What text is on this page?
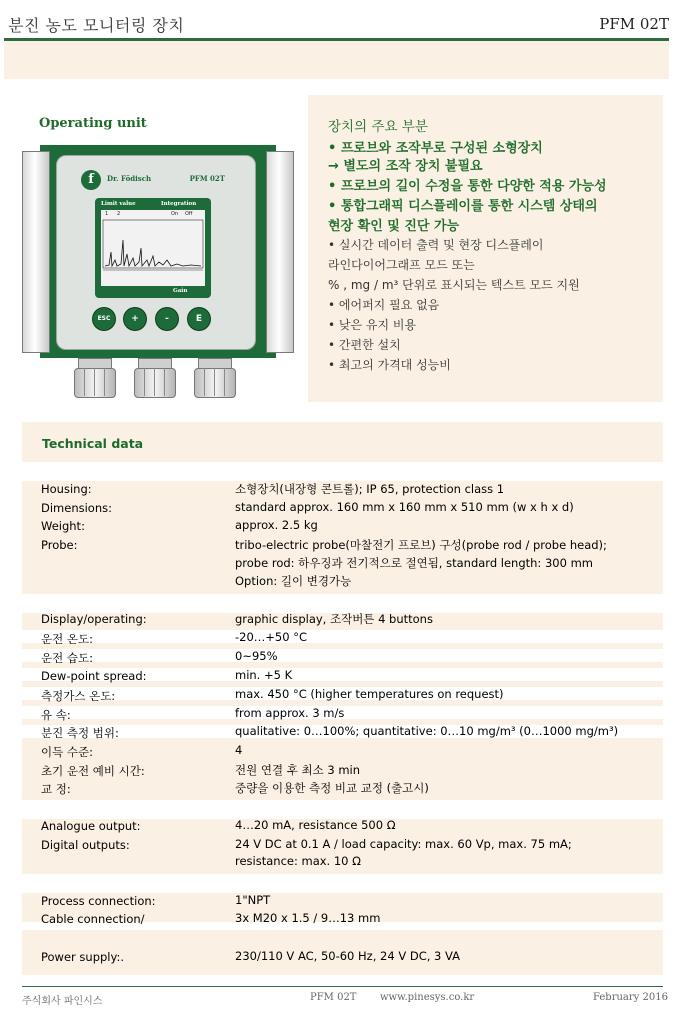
분진 농도 모니터링 장치	PFM 02T
Operating unit
f	Dr. Födisch	PFM 02T
Limit value	Integration
1 2	On Off
Gain
ESC	+	-	E
장치의 주요 부분
• 프로브와 조작부로 구성된 소형장치
→ 별도의 조작 장치 불필요
• 프로브의 길이 수정을 통한 다양한 적용 가능성
• 통합그래픽 디스플레이를 통한 시스템 상태의
현장 확인 및 진단 가능
• 실시간 데이터 출력 및 현장 디스플레이
라인다이어그래프 모드 또는
% , mg / m³ 단위로 표시되는 텍스트 모드 지원
• 에어퍼지 필요 없음
• 낮은 유지 비용
• 간편한 설치
• 최고의 가격대 성능비
Technical data
Housing:	소형장치(내장형 콘트롤); IP 65, protection class 1
Dimensions:	standard approx. 160 mm x 160 mm x 510 mm (w x h x d)
Weight:	approx. 2.5 kg
Probe:	tribo-electric probe(마찰전기 프로브) 구성(probe rod / probe head);
probe rod: 하우징과 전기적으로 절연됨, standard length: 300 mm
Option: 길이 변경가능
Display/operating:	graphic display, 조작버튼 4 buttons
운전 온도:	-20…+50 °C
운전 습도:	0~95%
Dew-point spread:	min. +5 K
측정가스 온도:	max. 450 °C (higher temperatures on request)
유 속:	from approx. 3 m/s
분진 측정 범위:	qualitative: 0…100%; quantitative: 0…10 mg/m³ (0…1000 mg/m³)
이득 수준:	4
초기 운전 예비 시간:	전원 연결 후 최소 3 min
교 정:	중량을 이용한 측정 비교 교정 (출고시)
Analogue output:	4…20 mA, resistance 500 Ω
Digital outputs:	24 V DC at 0.1 A / load capacity: max. 60 Vp, max. 75 mA;
resistance: max. 10 Ω
Process connection:	1"NPT
Cable connection/	3x M20 x 1.5 / 9…13 mm
Power supply:.	230/110 V AC, 50-60 Hz, 24 V DC, 3 VA
주식회사 파인시스	PFM 02T www.pinesys.co.kr	February 2016
